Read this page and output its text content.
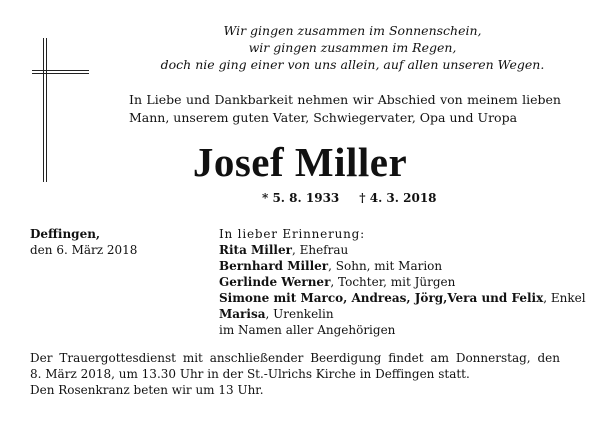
Wir gingen zusammen im Sonnenschein,
wir gingen zusammen im Regen,
doch nie ging einer von uns allein, auf allen unseren Wegen.
In Liebe und Dankbarkeit nehmen wir Abschied von meinem lieben
Mann, unserem guten Vater, Schwiegervater, Opa und Uropa
Josef Miller
* 5. 8. 1933 † 4. 3. 2018
Deffingen,
den 6. März 2018
In lieber Erinnerung:
Rita Miller, Ehefrau
Bernhard Miller, Sohn, mit Marion
Gerlinde Werner, Tochter, mit Jürgen
Simone mit Marco, Andreas, Jörg,Vera und Felix, Enkel
Marisa, Urenkelin
im Namen aller Angehörigen
Der Trauergottesdienst mit anschließender Beerdigung findet am Donnerstag, den
8. März 2018, um 13.30 Uhr in der St.-Ulrichs Kirche in Deffingen statt.
Den Rosenkranz beten wir um 13 Uhr.
